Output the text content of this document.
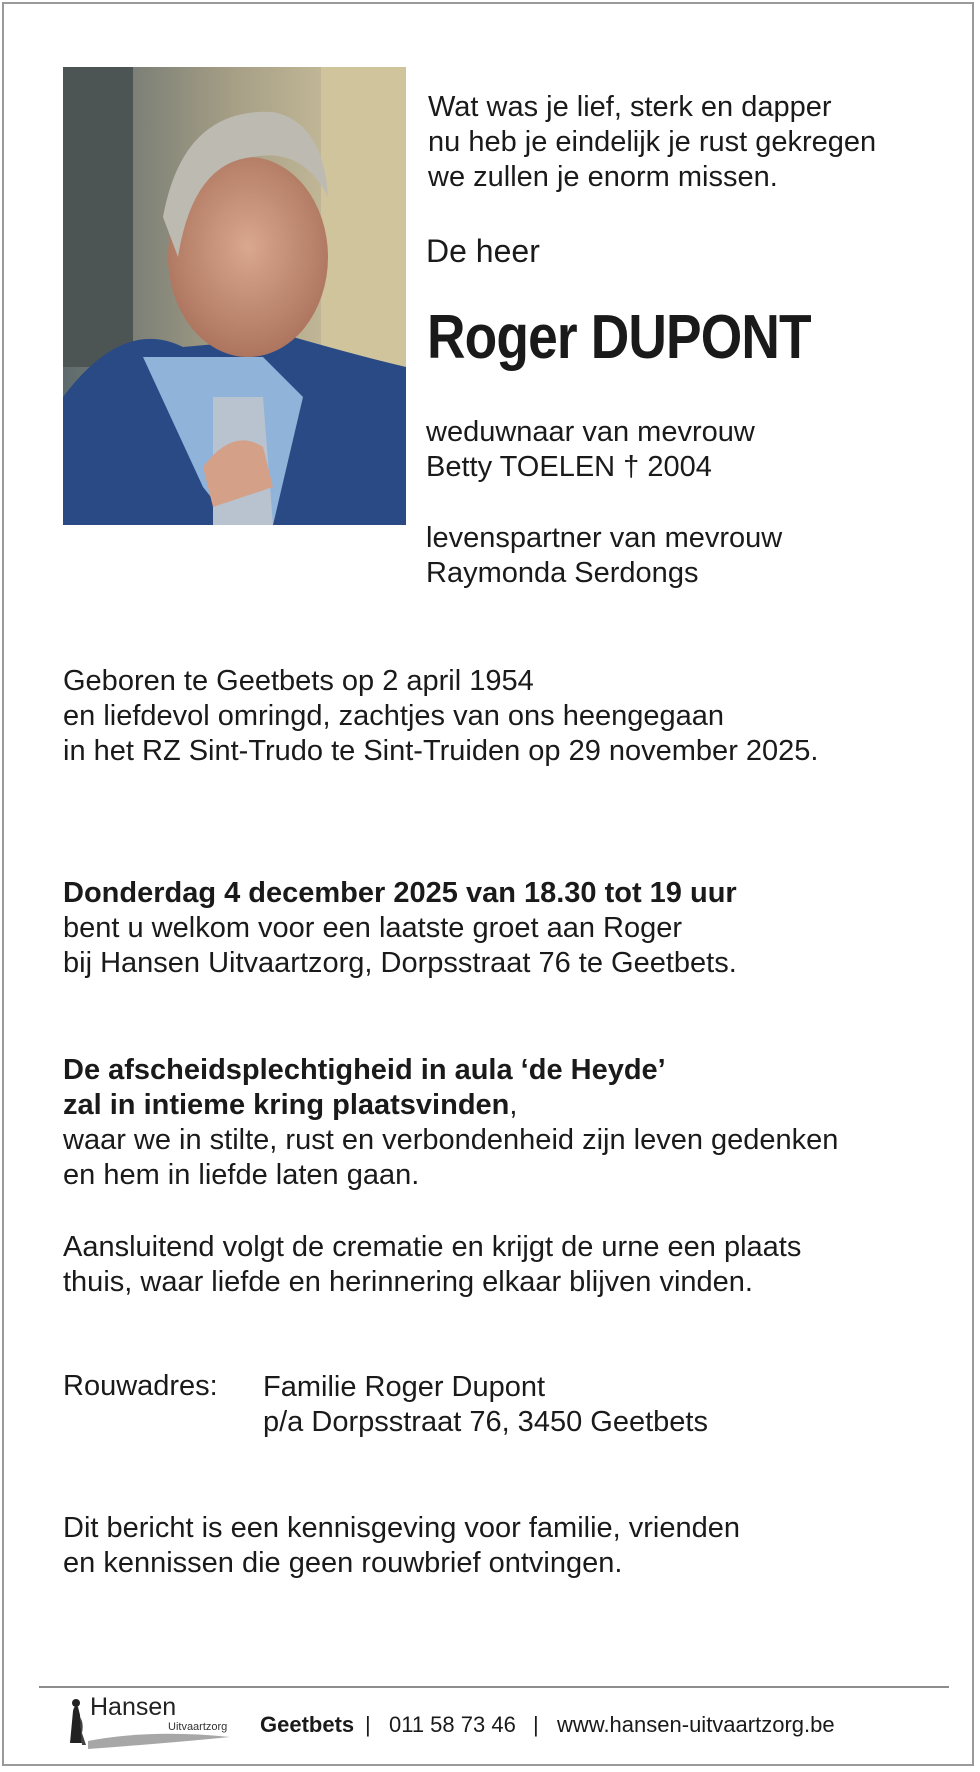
Wat was je lief, sterk en dapper
nu heb je eindelijk je rust gekregen
we zullen je enorm missen.

De heer

Roger DUPONT

weduwnaar van mevrouw
Betty TOELEN † 2004

levenspartner van mevrouw
Raymonda Serdongs

Geboren te Geetbets op 2 april 1954
en liefdevol omringd, zachtjes van ons heengegaan
in het RZ Sint-Trudo te Sint-Truiden op 29 november 2025.

Donderdag 4 december 2025 van 18.30 tot 19 uur
bent u welkom voor een laatste groet aan Roger
bij Hansen Uitvaartzorg, Dorpsstraat 76 te Geetbets.

De afscheidsplechtigheid in aula ‘de Heyde’
zal in intieme kring plaatsvinden,
waar we in stilte, rust en verbondenheid zijn leven gedenken
en hem in liefde laten gaan.

Aansluitend volgt de crematie en krijgt de urne een plaats
thuis, waar liefde en herinnering elkaar blijven vinden.

Rouwadres: Familie Roger Dupont
p/a Dorpsstraat 76, 3450 Geetbets

Dit bericht is een kennisgeving voor familie, vrienden
en kennissen die geen rouwbrief ontvingen.

Hansen
Uitvaartzorg Geetbets | 011 58 73 46 | www.hansen-uitvaartzorg.be
